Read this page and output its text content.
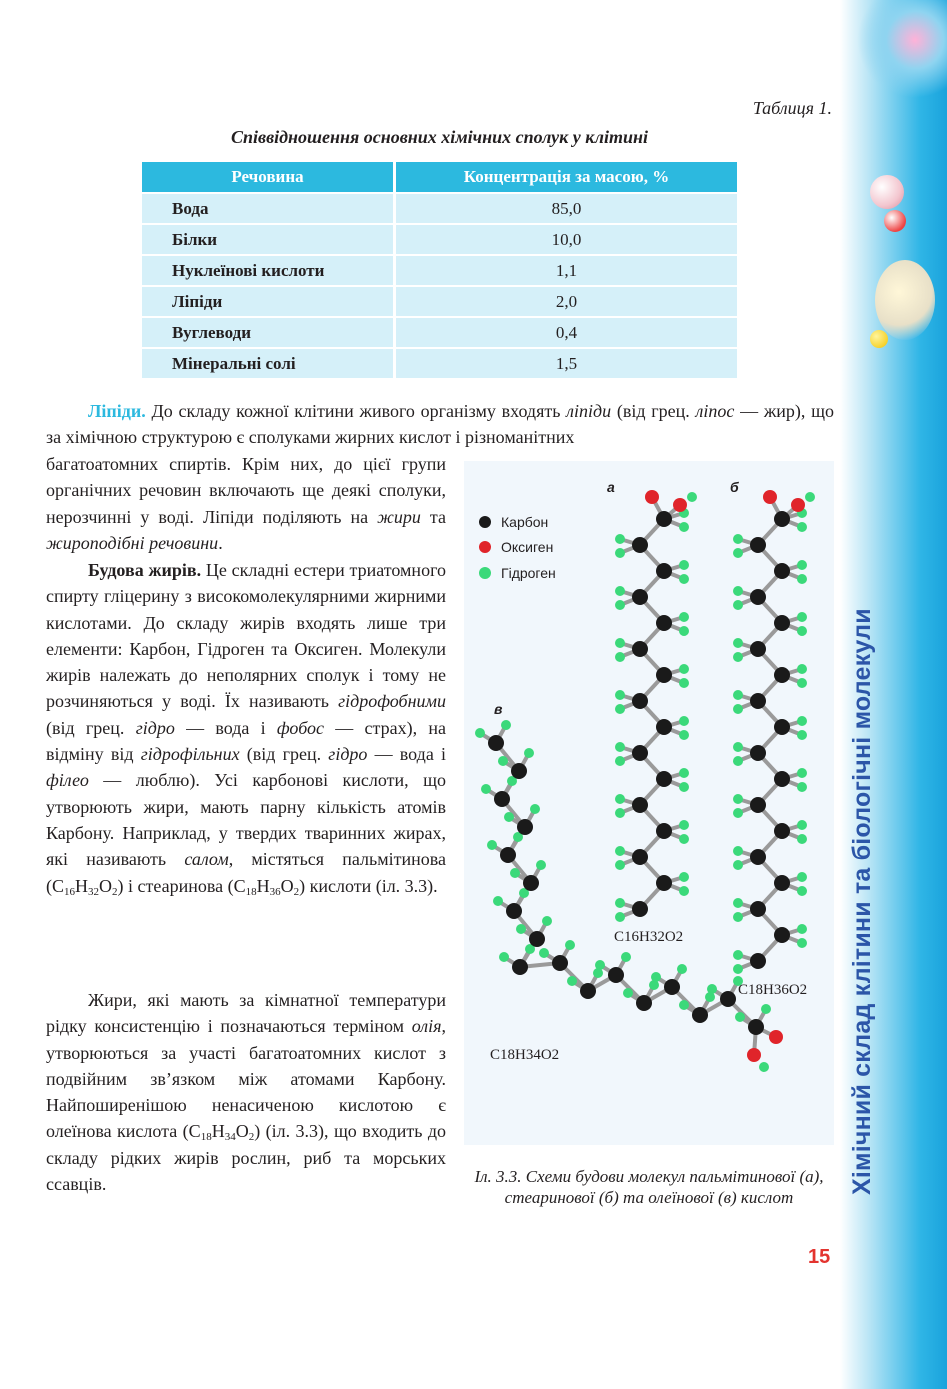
Хімічний склад клітини та біологічні молекули
Таблиця 1.
Співвідношення основних хімічних сполук у клітині
Речовина	Концентрація за масою, %
Вода	85,0
Білки	10,0
Нуклеїнові кислоти	1,1
Ліпіди	2,0
Вуглеводи	0,4
Мінеральні солі	1,5
Ліпіди. До складу кожної клітини живого організму входять ліпіди (від грец. ліпос — жир), що за хімічною структурою є сполуками жирних кислот і різноманітних
багатоатомних спиртів. Крім них, до цієї групи органічних речовин включають ще деякі сполуки, нерозчинні у воді. Ліпіди поділяють на жири та жироподібні речовини.
Будова жирів. Це складні естери триатомного спирту гліцерину з високомолекулярними жирними кислотами. До складу жирів входять лише три елементи: Карбон, Гідроген та Оксиген. Молекули жирів належать до неполярних сполук і тому не розчиняються у воді. Їх називають гідрофобними (від грец. гідро — вода і фобос — страх), на відміну від гідрофільних (від грец. гідро — вода і філео — люблю). Усі карбонові кислоти, що утворюють жири, мають парну кількість атомів Карбону. Наприклад, у твердих тваринних жирах, які називають салом, містяться пальмітинова $(C_{16}H_{32}O_2)$ і стеаринова $(C_{18}H_{36}O_2)$ кислоти (іл. 3.3).
Жири, які мають за кімнатної температури рідку консистенцію і позначаються терміном олія, утворюються за участі багатоатомних кислот з подвійним зв’язком між атомами Карбону. Найпоширенішою ненасиченою кислотою є олеїнова кислота $(C_{18}H_{34}O_2)$ (іл. 3.3), що входить до складу рідких жирів рослин, риб та морських ссавців.
Карбон
Оксиген
Гідроген
а	б
в
C16H32O2
C18H36O2
C18H34O2
Іл. 3.3. Схеми будови молекул пальмітинової (а), стеаринової (б) та олеїнової (в) кислот
15
